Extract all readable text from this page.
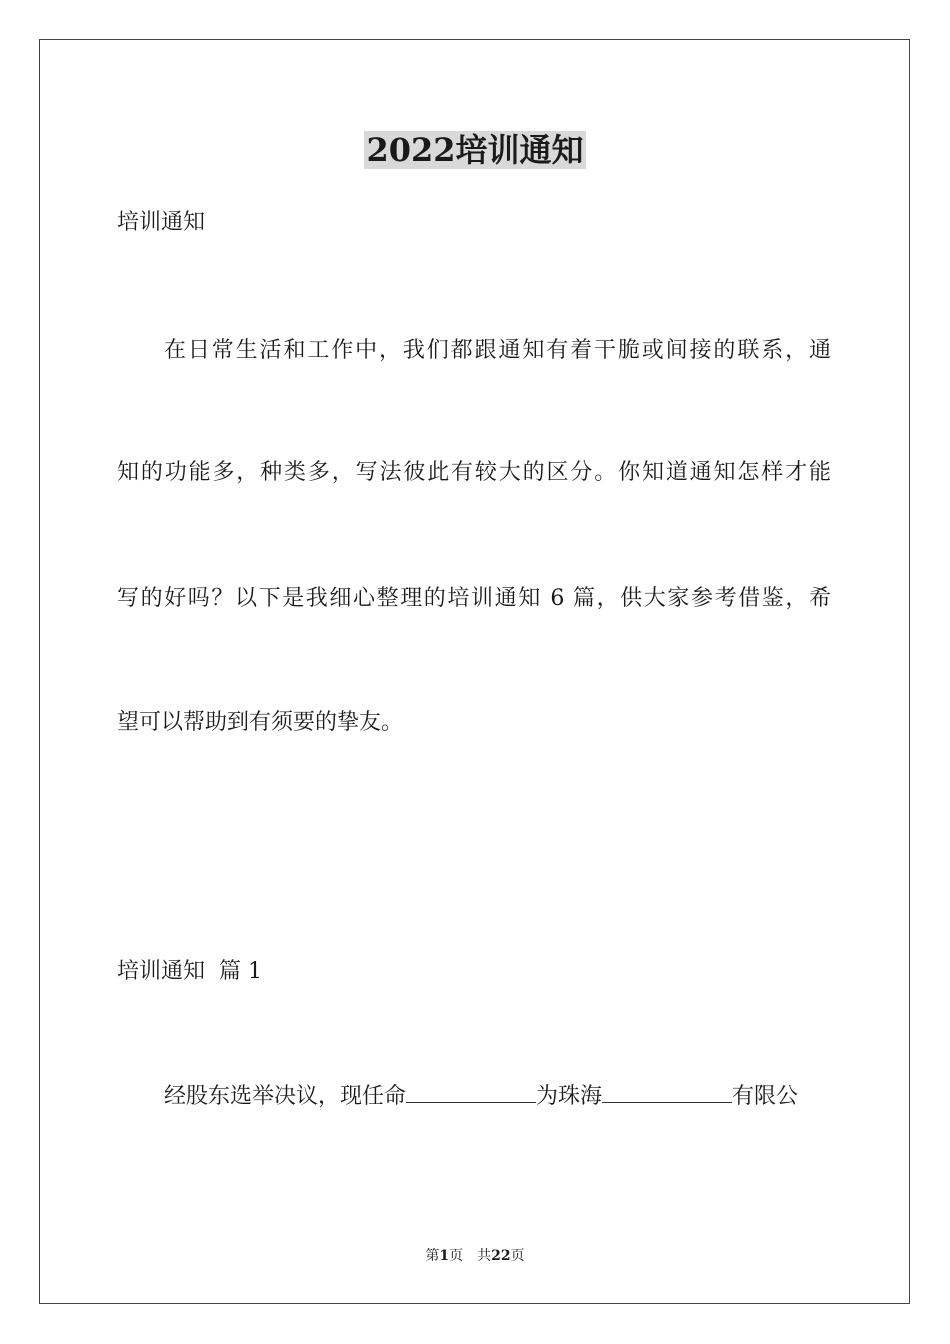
2022培训通知
培训通知
在日常生活和工作中，我们都跟通知有着干脆或间接的联系，通
知的功能多，种类多，写法彼此有较大的区分。你知道通知怎样才能
写的好吗？以下是我细心整理的培训通知 6 篇，供大家参考借鉴，希
望可以帮助到有须要的挚友。
培训通知  篇 1
经股东选举决议，现任命	为珠海	有限公
第1页 共22页
